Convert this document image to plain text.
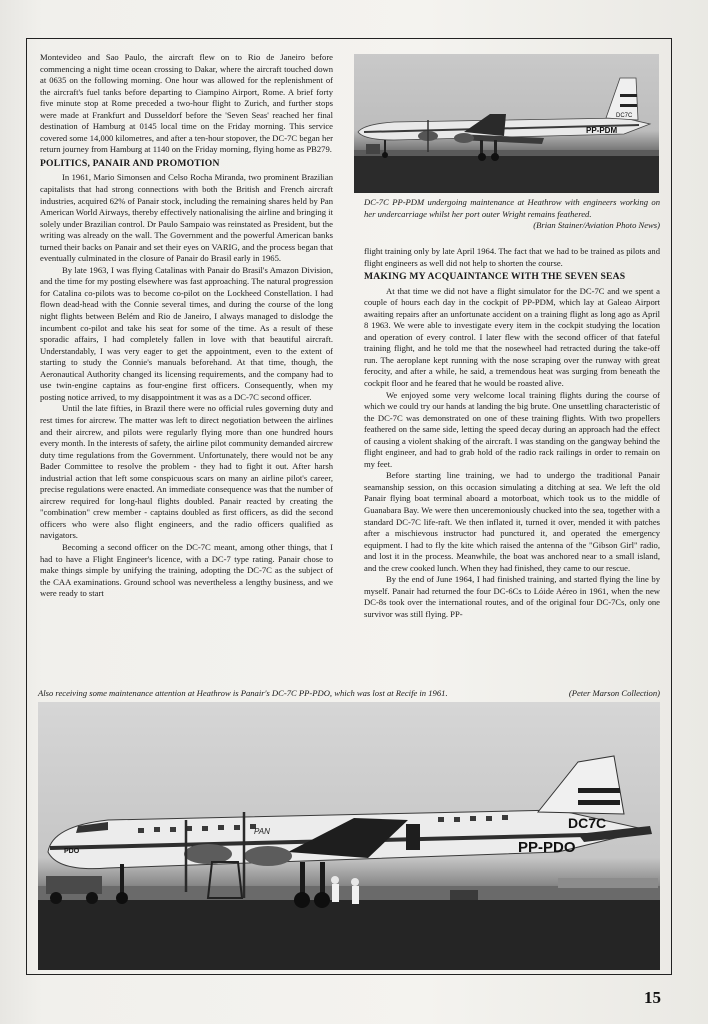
Montevideo and Sao Paulo, the aircraft flew on to Rio de Janeiro before commencing a night time ocean crossing to Dakar, where the aircraft touched down at 0635 on the following morning. One hour was allowed for the replenishment of the aircraft's fuel tanks before departing to Ciampino Airport, Rome. A brief forty five minute stop at Rome preceded a two-hour flight to Zurich, and further stops were made at Frankfurt and Dusseldorf before the 'Seven Seas' reached her final destination of Hamburg at 0145 local time on the Friday morning. This service covered some 14,000 kilometres, and after a ten-hour stopover, the DC-7C began her return journey from Hamburg at 1140 on the Friday morning, flying home as PB279.

POLITICS, PANAIR AND PROMOTION

In 1961, Mario Simonsen and Celso Rocha Miranda, two prominent Brazilian capitalists that had strong connections with both the British and French aircraft industries, acquired 62% of Panair stock, including the remaining shares held by Pan American World Airways, thereby effectively nationalising the airline and bringing it solely under Brazilian control. Dr Paulo Sampaio was reinstated as President, but the writing was already on the wall. The Government and the powerful American banks turned their backs on Panair and set their eyes on VARIG, and the process began that eventually culminated in the closure of Panair do Brasil early in 1965.

By late 1963, I was flying Catalinas with Panair do Brasil's Amazon Division, and the time for my posting elsewhere was fast approaching. The natural progression for Catalina co-pilots was to become co-pilot on the Lockheed Constellation. I had flown dead-head with the Connie several times, and during the course of the long night flights between Belém and Rio de Janeiro, I always managed to dislodge the incumbent co-pilot and take his seat for some of the time. As a result of these sporadic affairs, I had completely fallen in love with that beautiful aircraft. Understandably, I was very eager to get the appointment, even to the extent of starting to study the Connie's manuals beforehand. At that time, though, the Aeronautical Authority changed its licensing requirements, and the company had to use twin-engine captains as four-engine first officers. Consequently, when my posting notice arrived, to my disappointment it was as a DC-7C second officer.

Until the late fifties, in Brazil there were no official rules governing duty and rest times for aircrew. The matter was left to direct negotiation between the airlines and their aircrew, and pilots were regularly flying more than one hundred hours every month. In the interests of safety, the airline pilot community demanded aircrew duty time regulations from the Government. Unfortunately, there would not be any Bader Committee to resolve the problem - they had to fight it out. After harsh industrial action that left some conspicuous scars on many an airline pilot's career, precise regulations were enacted. An immediate consequence was that the number of aircrew required for long-haul flights doubled. Panair reacted by creating the "combination" crew member - captains doubled as first officers, as did the second officers who were also flight engineers, and the radio officers qualified as navigators.

Becoming a second officer on the DC-7C meant, among other things, that I had to have a Flight Engineer's licence, with a DC-7 type rating. Panair chose to make things simple by unifying the training, adopting the DC-7C as the subject of the CAA examinations. Ground school was nevertheless a lengthy business, and we were ready to start

DC7C
PP-PDM
DC-7C PP-PDM undergoing maintenance at Heathrow with engineers working on her undercarriage whilst her port outer Wright remains feathered.
(Brian Stainer/Aviation Photo News)

flight training only by late April 1964. The fact that we had to be trained as pilots and flight engineers as well did not help to shorten the course.

MAKING MY ACQUAINTANCE WITH THE SEVEN SEAS

At that time we did not have a flight simulator for the DC-7C and we spent a couple of hours each day in the cockpit of PP-PDM, which lay at Galeao Airport awaiting repairs after an unfortunate accident on a training flight as long ago as April 8 1963. We were able to investigate every item in the cockpit studying the location and operation of every control. I later flew with the second officer of that fateful training flight, and he told me that the nosewheel had retracted during the take-off run. The aeroplane kept running with the nose scraping over the runway with great ferocity, and after a while, he said, a tremendous heat was surging from beneath the cockpit floor and he feared that he would be roasted alive.

We enjoyed some very welcome local training flights during the course of which we could try our hands at landing the big brute. One unsettling characteristic of the DC-7C was demonstrated on one of these training flights. With two propellers feathered on the same side, letting the speed decay during an approach had the effect of causing a violent shaking of the aircraft. I was standing on the gangway behind the flight engineer, and had to grab hold of the radio rack railings in order to remain on my feet.

Before starting line training, we had to undergo the traditional Panair seamanship session, on this occasion simulating a ditching at sea. We left the old Panair flying boat terminal aboard a motorboat, which took us to the middle of Guanabara Bay. We were then unceremoniously chucked into the sea, together with a standard DC-7C life-raft. We then inflated it, turned it over, mended it with patches after a mischievous instructor had punctured it, and operated the emergency equipment. I had to fly the kite which raised the antenna of the "Gibson Girl" radio, and lost it in the process. Meanwhile, the boat was anchored near to a small island, and the crew cooked lunch. When they had finished, they came to our rescue.

By the end of June 1964, I had finished training, and started flying the line by myself. Panair had returned the four DC-6Cs to Lóide Aéreo in 1961, when the new DC-8s took over the international routes, and of the original four DC-7Cs, only one survivor was still flying. PP-

Also receiving some maintenance attention at Heathrow is Panair's DC-7C PP-PDO, which was lost at Recife in 1961.	(Peter Marson Collection)
DC7C
PP-PDO
PDO
PAN
15
